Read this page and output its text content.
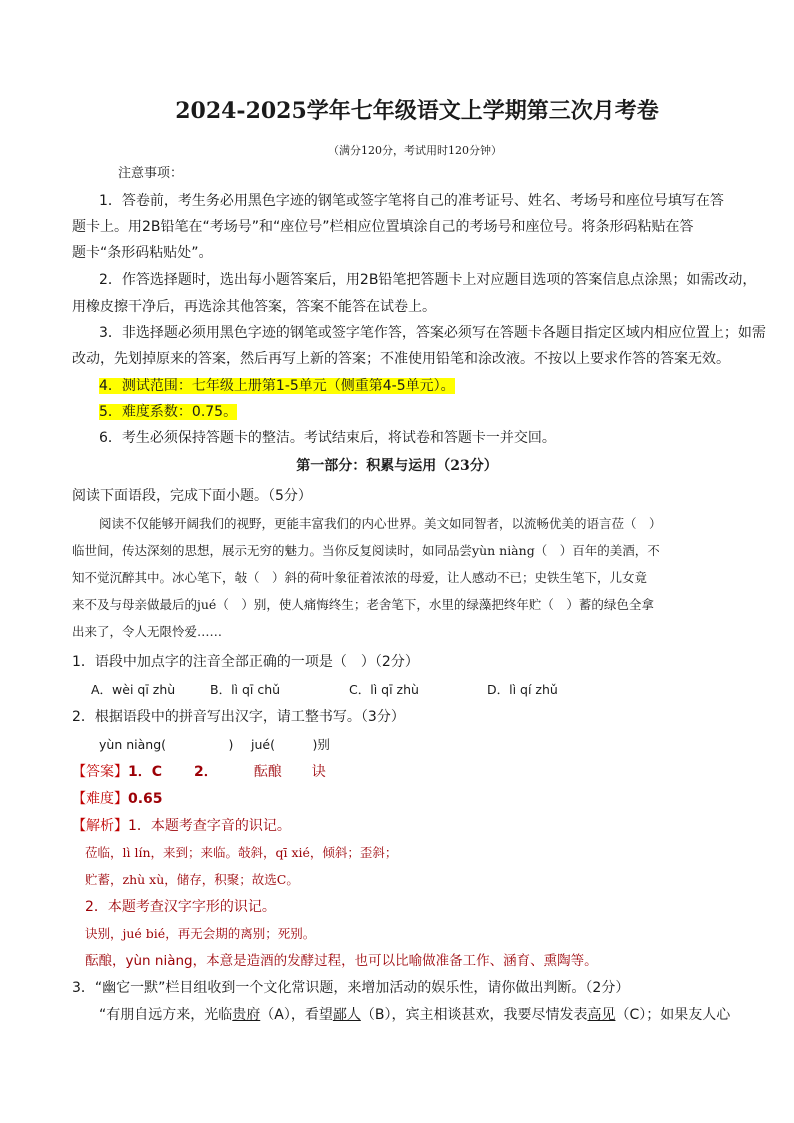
2024-2025学年七年级语文上学期第三次月考卷
（满分120分，考试用时120分钟）
注意事项：
1．答卷前，考生务必用黑色字迹的钢笔或签字笔将自己的准考证号、姓名、考场号和座位号填写在答
题卡上。用2B铅笔在“考场号”和“座位号”栏相应位置填涂自己的考场号和座位号。将条形码粘贴在答
题卡“条形码粘贴处”。
2．作答选择题时，选出每小题答案后，用2B铅笔把答题卡上对应题目选项的答案信息点涂黑；如需改动，
用橡皮擦干净后，再选涂其他答案，答案不能答在试卷上。
3．非选择题必须用黑色字迹的钢笔或签字笔作答，答案必须写在答题卡各题目指定区域内相应位置上；如需
改动，先划掉原来的答案，然后再写上新的答案；不准使用铅笔和涂改液。不按以上要求作答的答案无效。
4．测试范围：七年级上册第1-5单元（侧重第4-5单元）。
5．难度系数：0.75。
6．考生必须保持答题卡的整洁。考试结束后，将试卷和答题卡一并交回。
第一部分：积累与运用（23分）
阅读下面语段，完成下面小题。（5分）
阅读不仅能够开阔我们的视野，更能丰富我们的内心世界。美文如同智者，以流畅优美的语言莅（　）
临世间，传达深刻的思想，展示无穷的魅力。当你反复阅读时，如同品尝yùn niàng（　）百年的美酒，不
知不觉沉醉其中。冰心笔下，敧（　）斜的荷叶象征着浓浓的母爱，让人感动不已；史铁生笔下，儿女竟
来不及与母亲做最后的jué（　）别，使人痛悔终生；老舍笔下，水里的绿藻把终年贮（　）蓄的绿色全拿
出来了，令人无限怜爱……
1．语段中加点字的注音全部正确的一项是（　）（2分）
A．wèi qī zhù	B．lì qī chǔ	C．lì qī zhù	D．lì qí zhǔ
2．根据语段中的拼音写出汉字，请工整书写。（3分）
yùn niàng(　　　　　) jué(　　　)别
【答案】1．C 2．	酝酿 诀
【难度】0.65
【解析】1．本题考查字音的识记。
莅临，lì lín，来到；来临。敧斜，qī xié，倾斜；歪斜；
贮蓄，zhù xù，储存，积聚；故选C。
2．本题考查汉字字形的识记。
诀别，jué bié，再无会期的离别；死别。
酝酿，yùn niàng，本意是造酒的发酵过程，也可以比喻做准备工作、涵育、熏陶等。
3．“幽它一默”栏目组收到一个文化常识题，来增加活动的娱乐性，请你做出判断。（2分）
“有朋自远方来，光临贵府（A），看望鄙人（B），宾主相谈甚欢，我要尽情发表高见（C）；如果友人心
